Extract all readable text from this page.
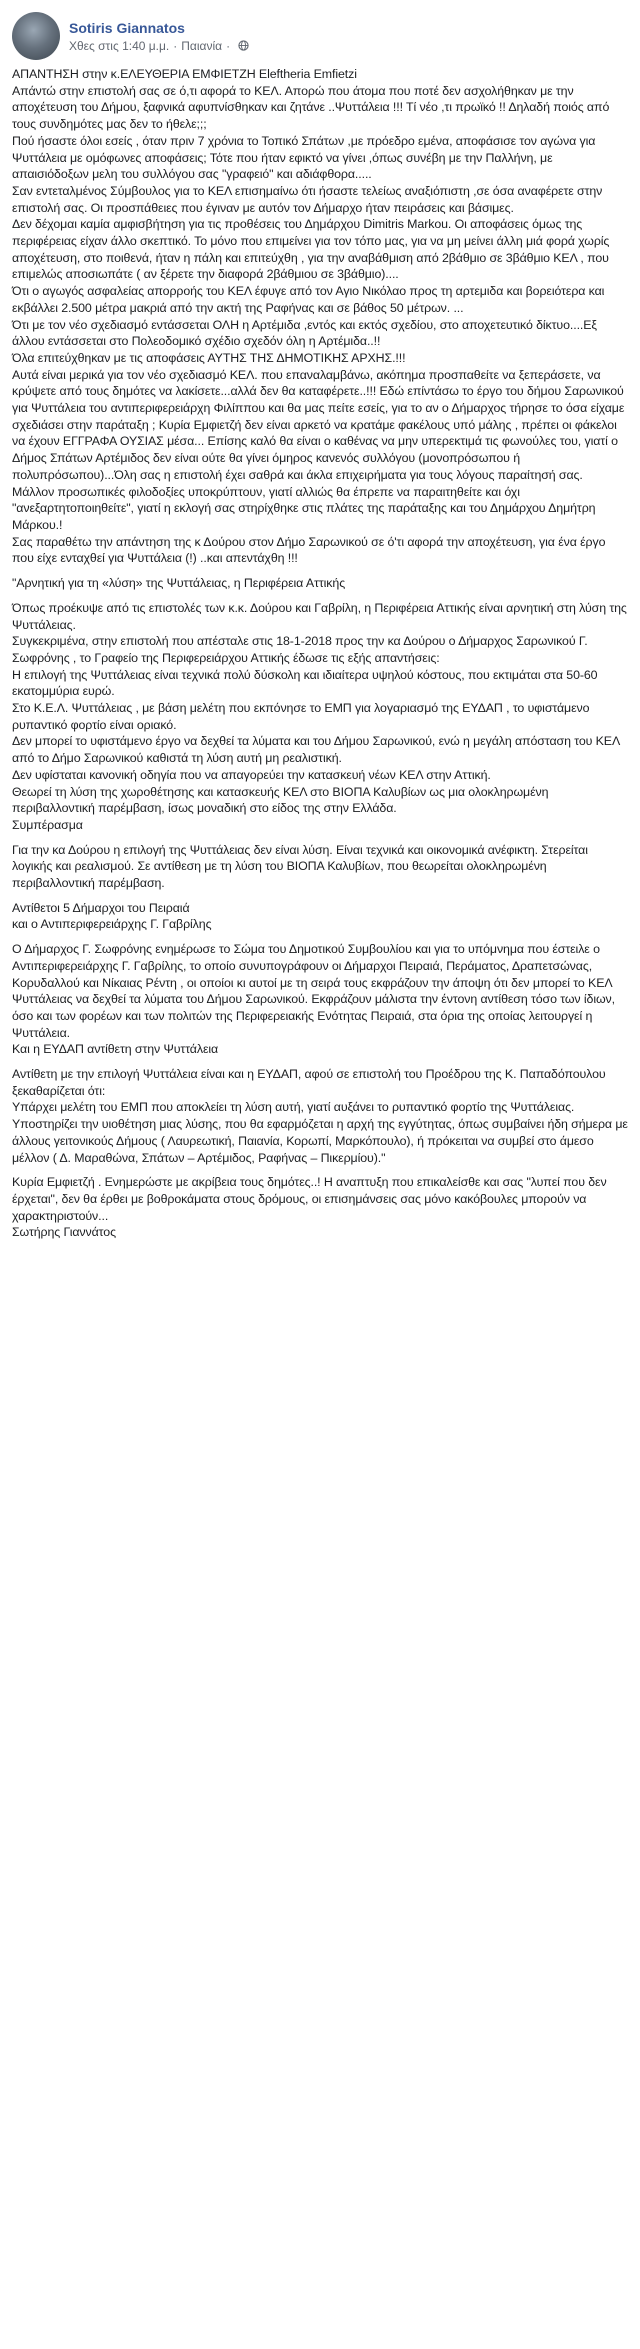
Sotiris Giannatos
Χθες στις 1:40 μ.μ. · Παιανία ·

ΑΠΑΝΤΗΣΗ στην κ.ΕΛΕΥΘΕΡΙΑ ΕΜΦΙΕΤΖΗ Eleftheria Emfietzi
Απάντώ στην επιστολή σας σε ό,τι αφορά το ΚΕΛ. Απορώ που άτομα που ποτέ δεν ασχολήθηκαν με την αποχέτευση του Δήμου, ξαφνικά αφυπνίσθηκαν και ζητάνε ..Ψυττάλεια !!! Τί νέο ,τι πρωϊκό !! Δηλαδή ποιός από τους συνδημότες μας δεν το ήθελε;;;
Πού ήσαστε όλοι εσείς , όταν πριν 7 χρόνια το Τοπικό Σπάτων ,με πρόεδρο εμένα, αποφάσισε τον αγώνα για Ψυττάλεια με ομόφωνες αποφάσεις; Τότε που ήταν εφικτό να γίνει ,όπως συνέβη με την Παλλήνη, με απαισιόδοξων μελη του συλλόγου σας "γραφειό" και αδιάφθορα.....
Σαν εντεταλμένος Σύμβουλος για το ΚΕΛ επισημαίνω ότι ήσαστε τελείως αναξιόπιστη ,σε όσα αναφέρετε στην επιστολή σας. Οι προσπάθειες που έγιναν με αυτόν τον Δήμαρχο ήταν πειράσεις και βάσιμες.
Δεν δέχομαι καμία αμφισβήτηση για τις προθέσεις του Δημάρχου Dimitris Markou. Οι αποφάσεις όμως της περιφέρειας είχαν άλλο σκεπτικό. Το μόνο που επιμείνει για τον τόπο μας, για να μη μείνει άλλη μιά φορά χωρίς αποχέτευση, στο ποιθενά, ήταν η πάλη και επιτεύχθη , για την αναβάθμιση από 2βάθμιο σε 3βάθμιο ΚΕΛ , που επιμελώς αποσιωπάτε ( αν ξέρετε την διαφορά 2βάθμιου σε 3βάθμιο)....
Ότι ο αγωγός ασφαλείας απορροής του ΚΕΛ έφυγε από τον Αγιο Νικόλαο προς τη αρτεμιδα και βορειότερα και εκβάλλει 2.500 μέτρα μακριά από την ακτή της Ραφήνας και σε βάθος 50 μέτρων. ...
Ότι με τον νέο σχεδιασμό εντάσσεται ΟΛΗ η Αρτέμιδα ,εντός και εκτός σχεδίου, στο αποχετευτικό δίκτυο....Εξ άλλου εντάσσεται στο Πολεοδομικό σχέδιο σχεδόν όλη η Αρτέμιδα..!!
Όλα επιτεύχθηκαν με τις αποφάσεις ΑΥΤΗΣ ΤΗΣ ΔΗΜΟΤΙΚΗΣ ΑΡΧΗΣ.!!!
Αυτά είναι μερικά για τον νέο σχεδιασμό ΚΕΛ. που επαναλαμβάνω, ακόπημα προσπαθείτε να ξεπεράσετε, να κρύψετε από τους δημότες να λακίσετε...αλλά δεν θα καταφέρετε..!!! Εδώ επίντάσω το έργο του δήμου Σαρωνικού για Ψυττάλεια του αντιπεριφερειάρχη Φιλίππου και θα μας πείτε εσείς, για το αν ο Δήμαρχος τήρησε το όσα είχαμε σχεδιάσει στην παράταξη ; Κυρία Εμφιετζή δεν είναι αρκετό να κρατάμε φακέλους υπό μάλης , πρέπει οι φάκελοι να έχουν ΕΓΓΡΑΦΑ ΟΥΣΙΑΣ μέσα... Επίσης καλό θα είναι ο καθένας να μην υπερεκτιμά τις φωνούλες του, γιατί ο Δήμος Σπάτων Αρτέμιδος δεν είναι ούτε θα γίνει όμηρος κανενός συλλόγου (μονοπρόσωπου ή πολυπρόσωπου)...Όλη σας η επιστολή έχει σαθρά και άκλα επιχειρήματα για τους λόγους παραίτησή σας. Μάλλον προσωπικές φιλοδοξίες υποκρύπτουν, γιατί αλλιώς θα έπρεπε να παραιτηθείτε και όχι "ανεξαρτητοποιηθείτε", γιατί η εκλογή σας στηρίχθηκε στις πλάτες της παράταξης και του Δημάρχου Δημήτρη Μάρκου.!
Σας παραθέτω την απάντηση της κ Δούρου στον Δήμο Σαρωνικού σε ό'τι αφορά την αποχέτευση, για ένα έργο που είχε ενταχθεί για Ψυττάλεια (!) ..και απεντάχθη !!!

"Αρνητική για τη «λύση» της Ψυττάλειας, η Περιφέρεια Αττικής

Όπως προέκυψε από τις επιστολές των κ.κ. Δούρου και Γαβρίλη, η Περιφέρεια Αττικής είναι αρνητική στη λύση της Ψυττάλειας.
Συγκεκριμένα, στην επιστολή που απέσταλε στις 18-1-2018 προς την κα Δούρου ο Δήμαρχος Σαρωνικού Γ. Σωφρόνης , το Γραφείο της Περιφερειάρχου Αττικής έδωσε τις εξής απαντήσεις:
Η επιλογή της Ψυττάλειας είναι τεχνικά πολύ δύσκολη και ιδιαίτερα υψηλού κόστους, που εκτιμάται στα 50-60 εκατομμύρια ευρώ.
Στο Κ.Ε.Λ. Ψυττάλειας , με βάση μελέτη που εκπόνησε το ΕΜΠ για λογαριασμό της ΕΥΔΑΠ , το υφιστάμενο ρυπαντικό φορτίο είναι οριακό.
Δεν μπορεί το υφιστάμενο έργο να δεχθεί τα λύματα και του Δήμου Σαρωνικού, ενώ η μεγάλη απόσταση του ΚΕΛ από το Δήμο Σαρωνικού καθιστά τη λύση αυτή μη ρεαλιστική.
Δεν υφίσταται κανονική οδηγία που να απαγορεύει την κατασκευή νέων ΚΕΛ στην Αττική.
Θεωρεί τη λύση της χωροθέτησης και κατασκευής ΚΕΛ στο ΒΙΟΠΑ Καλυβίων ως μια ολοκληρωμένη περιβαλλοντική παρέμβαση, ίσως μοναδική στο είδος της στην Ελλάδα.
Συμπέρασμα

Για την κα Δούρου η επιλογή της Ψυττάλειας δεν είναι λύση. Είναι τεχνικά και οικονομικά ανέφικτη. Στερείται λογικής και ρεαλισμού. Σε αντίθεση με τη λύση του ΒΙΟΠΑ Καλυβίων, που θεωρείται ολοκληρωμένη περιβαλλοντική παρέμβαση.

Αντίθετοι 5 Δήμαρχοι του Πειραιά
και ο Αντιπεριφερειάρχης Γ. Γαβρίλης

Ο Δήμαρχος Γ. Σωφρόνης ενημέρωσε το Σώμα του Δημοτικού Συμβουλίου και για το υπόμνημα που έστειλε ο Αντιπεριφερειάρχης Γ. Γαβρίλης, το οποίο συνυπογράφουν οι Δήμαρχοι Πειραιά, Περάματος, Δραπετσώνας, Κορυδαλλού και Νίκαιας Ρέντη , οι οποίοι κι αυτοί με τη σειρά τους εκφράζουν την άποψη ότι δεν μπορεί το ΚΕΛ Ψυττάλειας να δεχθεί τα λύματα του Δήμου Σαρωνικού. Εκφράζουν μάλιστα την έντονη αντίθεση τόσο των ίδιων, όσο και των φορέων και των πολιτών της Περιφερειακής Ενότητας Πειραιά, στα όρια της οποίας λειτουργεί η Ψυττάλεια.
Και η ΕΥΔΑΠ αντίθετη στην Ψυττάλεια

Αντίθετη με την επιλογή Ψυττάλεια είναι και η ΕΥΔΑΠ, αφού σε επιστολή του Προέδρου της Κ. Παπαδόπουλου ξεκαθαρίζεται ότι:
Υπάρχει μελέτη του ΕΜΠ που αποκλείει τη λύση αυτή, γιατί αυξάνει το ρυπαντικό φορτίο της Ψυττάλειας.
Υποστηρίζει την υιοθέτηση μιας λύσης, που θα εφαρμόζεται η αρχή της εγγύτητας, όπως συμβαίνει ήδη σήμερα με άλλους γειτονικούς Δήμους ( Λαυρεωτική, Παιανία, Κορωπί, Μαρκόπουλο), ή πρόκειται να συμβεί στο άμεσο μέλλον ( Δ. Μαραθώνα, Σπάτων – Αρτέμιδος, Ραφήνας – Πικερμίου)."

Κυρία Εμφιετζή . Ενημερώστε με ακρίβεια τους δημότες..! Η αναπτυξη που επικαλείσθε και σας "λυπεί που δεν έρχεται", δεν θα έρθει με βοθροκάματα στους δρόμους, οι επισημάνσεις σας μόνο κακόβουλες μπορούν να χαρακτηριστούν...
Σωτήρης Γιαννάτος
